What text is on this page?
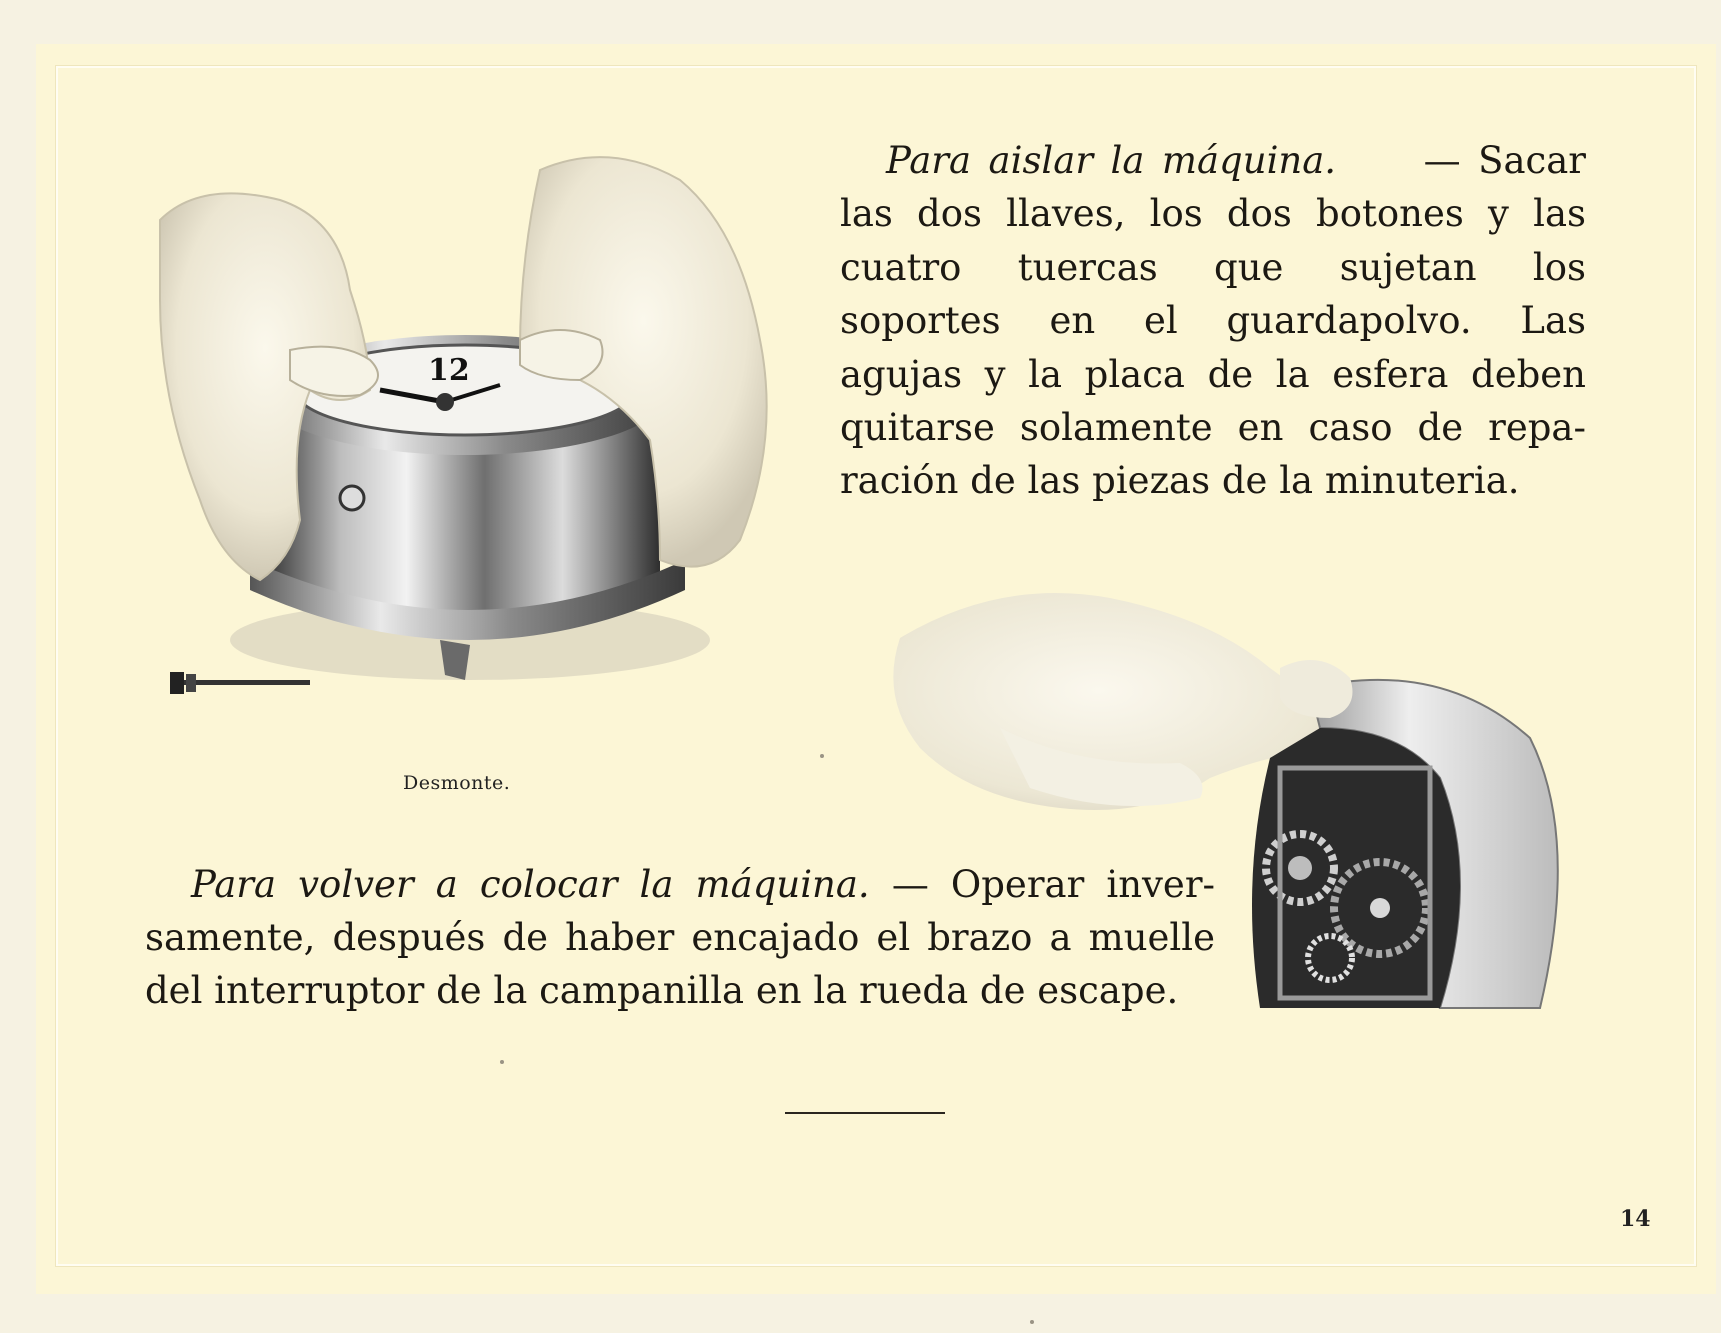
Para aislar la máquina. — Sacar
las dos llaves, los dos botones y las
cuatro tuercas que sujetan los
soportes en el guardapolvo. Las
agujas y la placa de la esfera deben
quitarse solamente en caso de repa-
ración de las piezas de la minuteria.

12
Desmonte.

Para volver a colocar la máquina. — Operar inver-
samente, después de haber encajado el brazo a muelle
del interruptor de la campanilla en la rueda de escape.

14
